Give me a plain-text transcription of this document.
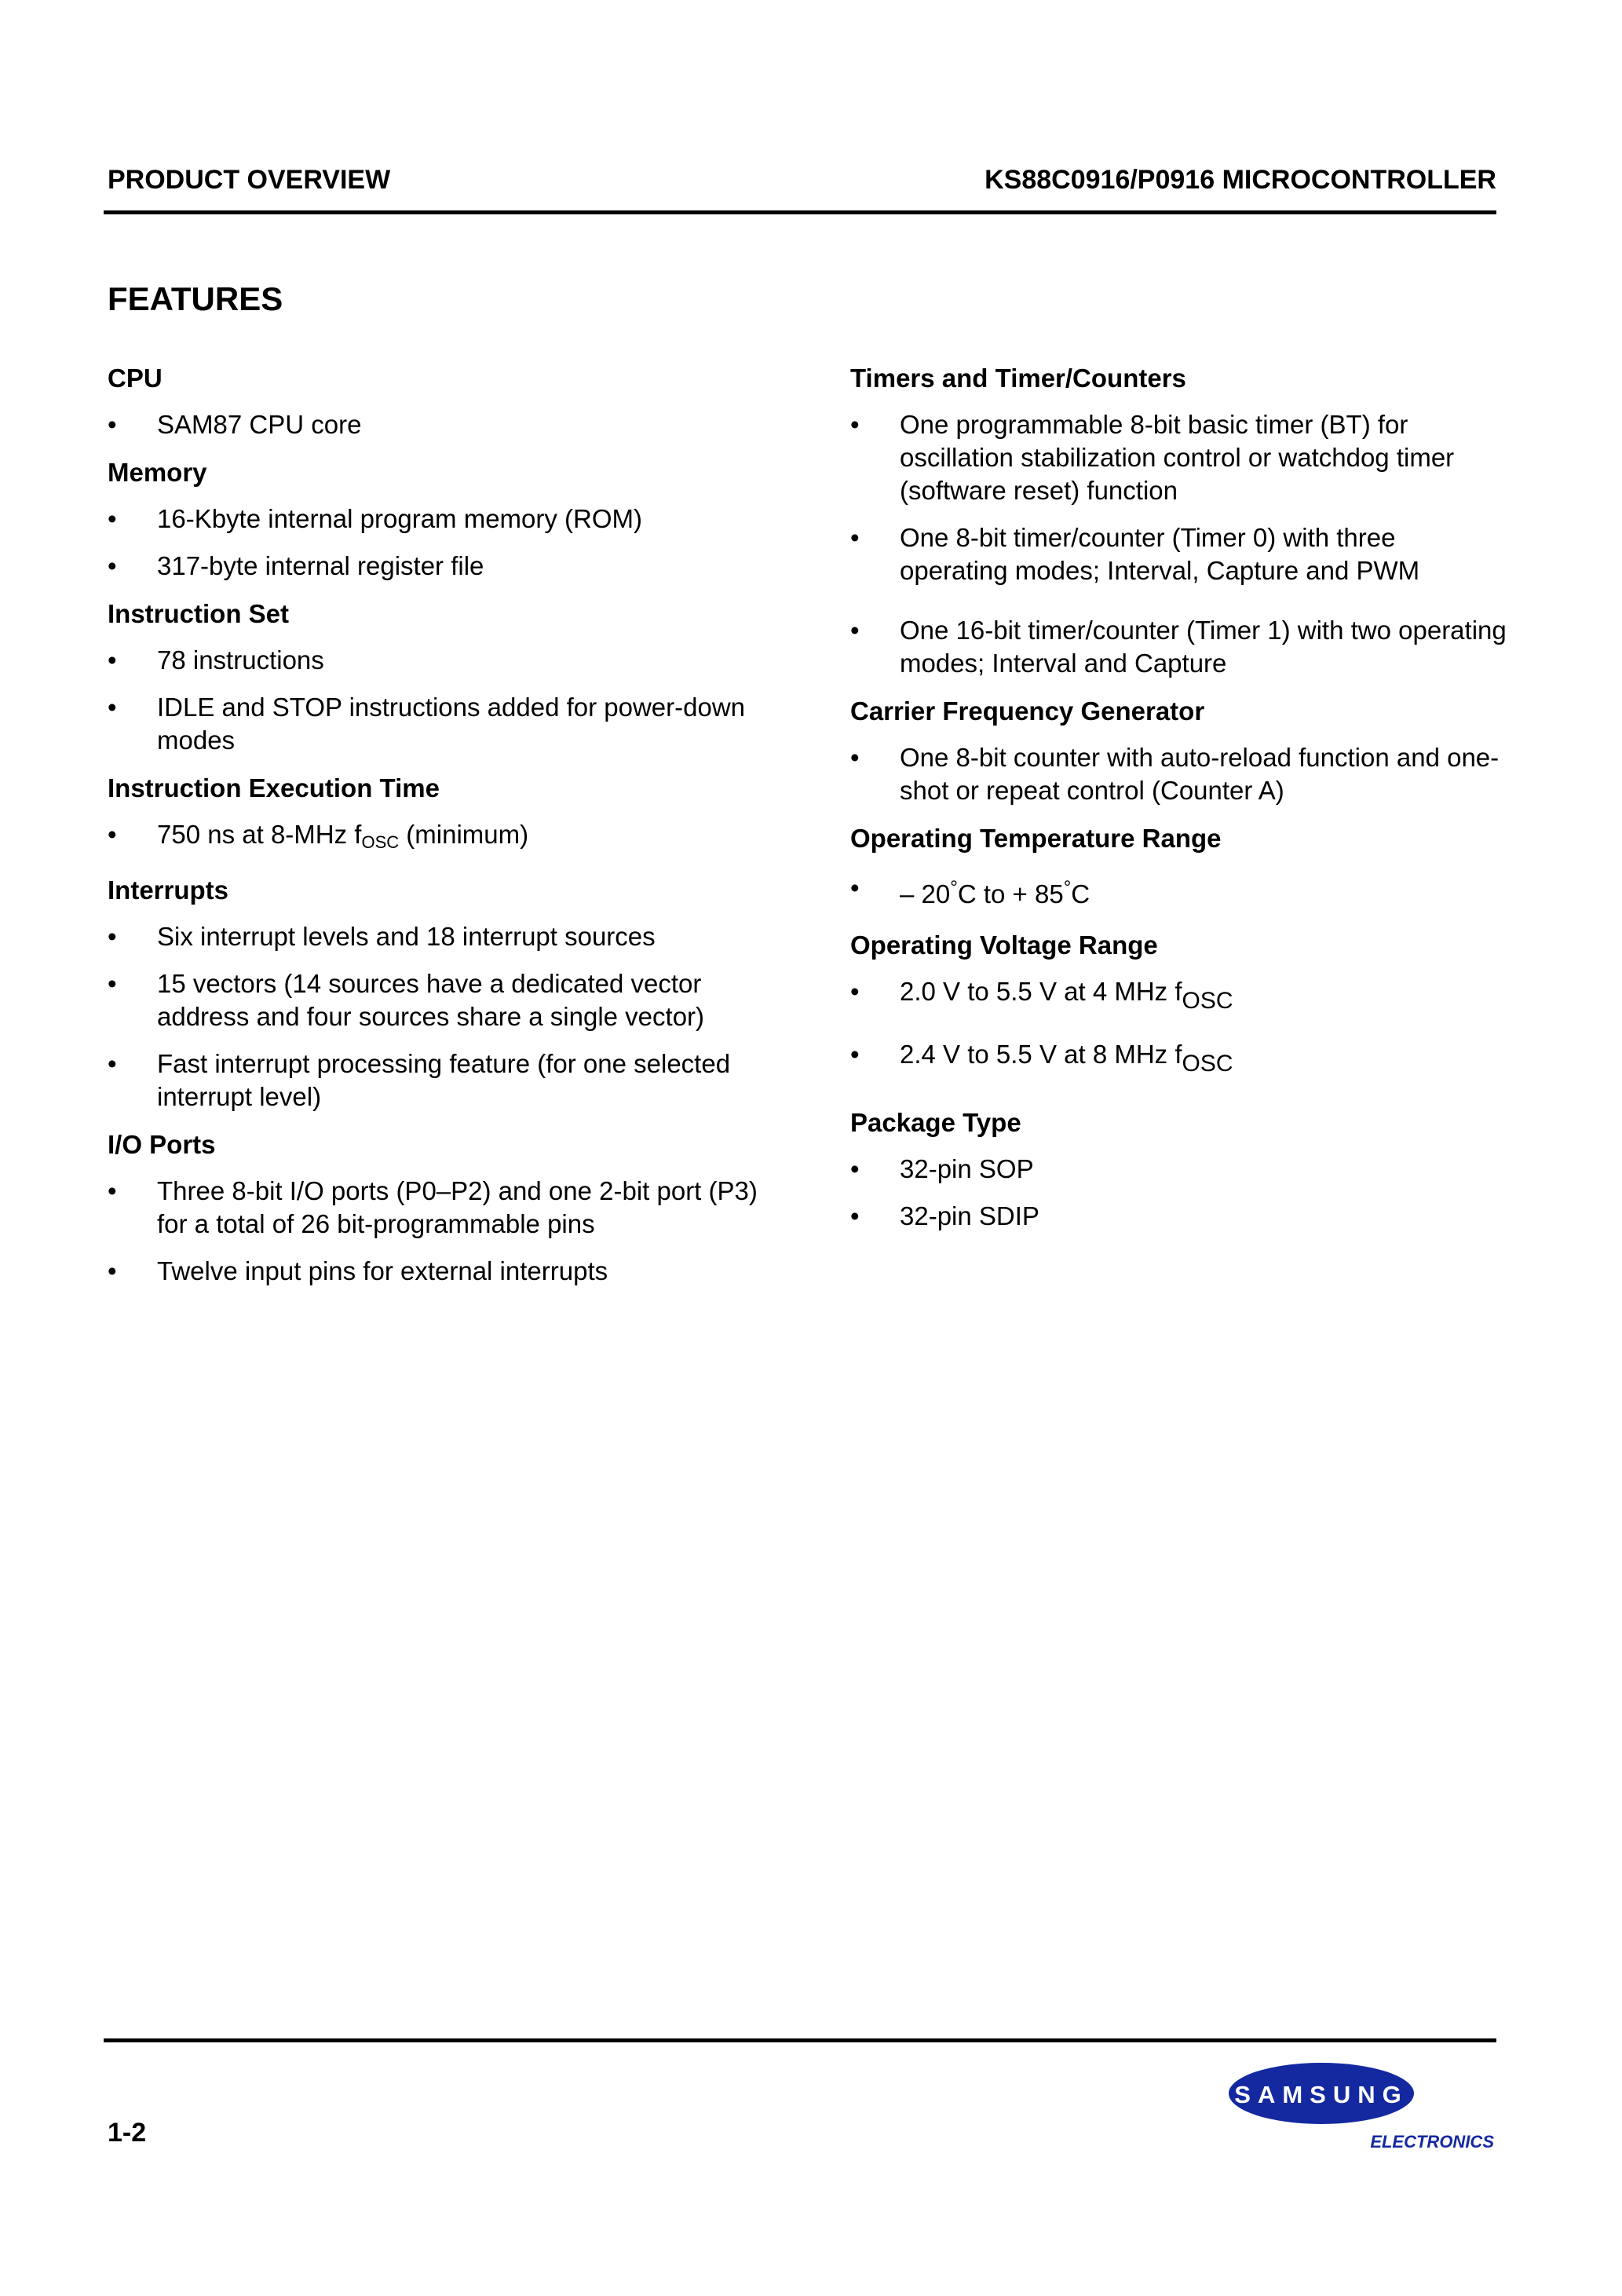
PRODUCT OVERVIEW	KS88C0916/P0916 MICROCONTROLLER
FEATURES
CPU
• SAM87 CPU core
Memory
• 16-Kbyte internal program memory (ROM)
• 317-byte internal register file
Instruction Set
• 78 instructions
• IDLE and STOP instructions added for power-down modes
Instruction Execution Time
• 750 ns at 8-MHz $f_{OSC}$ (minimum)
Interrupts
• Six interrupt levels and 18 interrupt sources
• 15 vectors (14 sources have a dedicated vector address and four sources share a single vector)
• Fast interrupt processing feature (for one selected interrupt level)
I/O Ports
• Three 8-bit I/O ports (P0–P2) and one 2-bit port (P3) for a total of 26 bit-programmable pins
• Twelve input pins for external interrupts
Timers and Timer/Counters
• One programmable 8-bit basic timer (BT) for oscillation stabilization control or watchdog timer (software reset) function
• One 8-bit timer/counter (Timer 0) with three operating modes; Interval, Capture and PWM
• One 16-bit timer/counter (Timer 1) with two operating modes; Interval and Capture
Carrier Frequency Generator
• One 8-bit counter with auto-reload function and one-shot or repeat control (Counter A)
Operating Temperature Range
• – 20°C to + 85°C
Operating Voltage Range
• 2.0 V to 5.5 V at 4 MHz $f_{OSC}$
• 2.4 V to 5.5 V at 8 MHz $f_{OSC}$
Package Type
• 32-pin SOP
• 32-pin SDIP
1-2
SAMSUNG
ELECTRONICS
